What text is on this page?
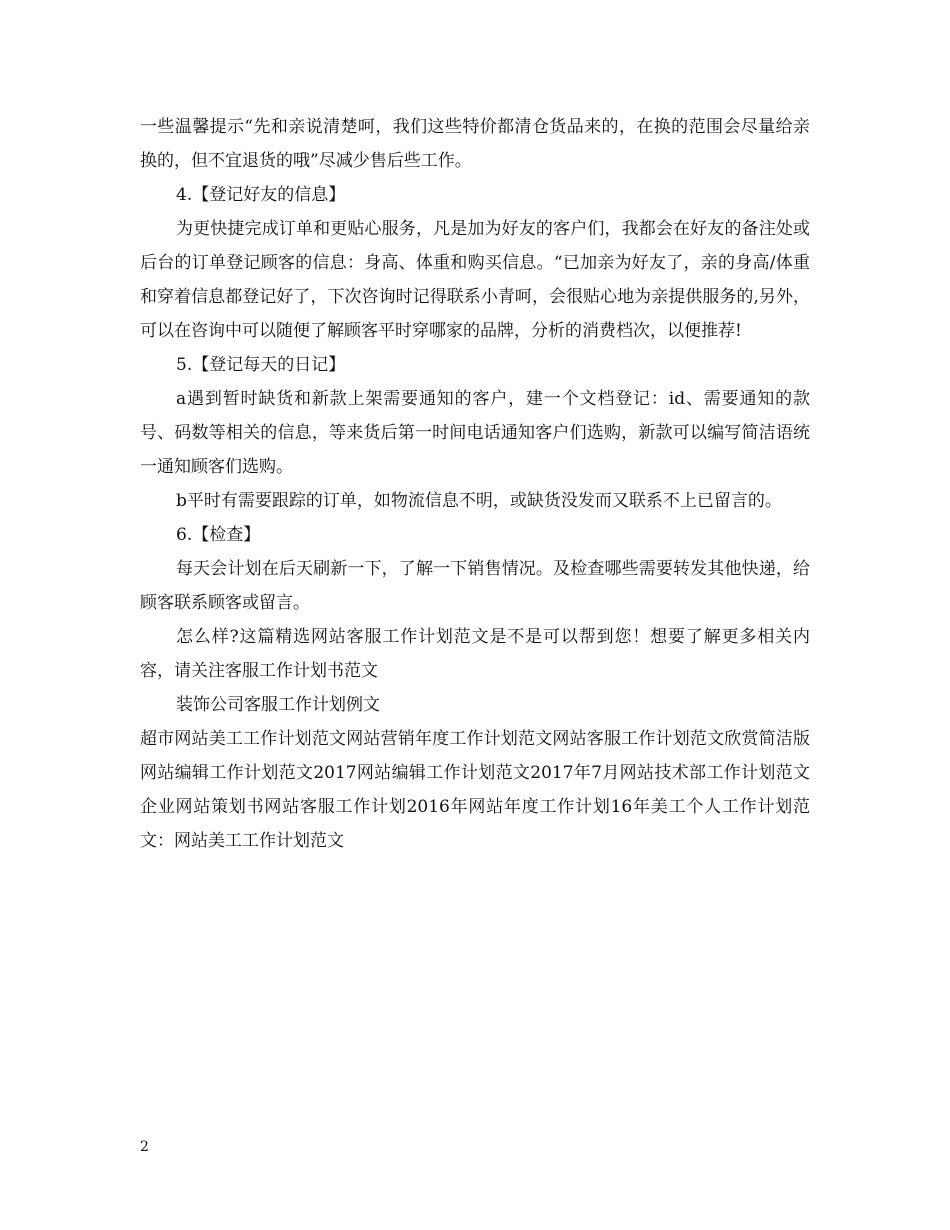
一些温馨提示“先和亲说清楚呵，我们这些特价都清仓货品来的，在换的范围会尽量给亲换的，但不宜退货的哦”尽减少售后些工作。

4.【登记好友的信息】

为更快捷完成订单和更贴心服务，凡是加为好友的客户们，我都会在好友的备注处或后台的订单登记顾客的信息：身高、体重和购买信息。“已加亲为好友了，亲的身高/体重和穿着信息都登记好了，下次咨询时记得联系小青呵，会很贴心地为亲提供服务的,另外，可以在咨询中可以随便了解顾客平时穿哪家的品牌，分析的消费档次，以便推荐!

5.【登记每天的日记】

a遇到暂时缺货和新款上架需要通知的客户，建一个文档登记：id、需要通知的款号、码数等相关的信息，等来货后第一时间电话通知客户们选购，新款可以编写简洁语统一通知顾客们选购。

b平时有需要跟踪的订单，如物流信息不明，或缺货没发而又联系不上已留言的。

6.【检查】

每天会计划在后天刷新一下，了解一下销售情况。及检查哪些需要转发其他快递，给顾客联系顾客或留言。

怎么样?这篇精选网站客服工作计划范文是不是可以帮到您！想要了解更多相关内容，请关注客服工作计划书范文

装饰公司客服工作计划例文

超市网站美工工作计划范文网站营销年度工作计划范文网站客服工作计划范文欣赏简洁版网站编辑工作计划范文2017网站编辑工作计划范文2017年7月网站技术部工作计划范文企业网站策划书网站客服工作计划2016年网站年度工作计划16年美工个人工作计划范文：网站美工工作计划范文

2
